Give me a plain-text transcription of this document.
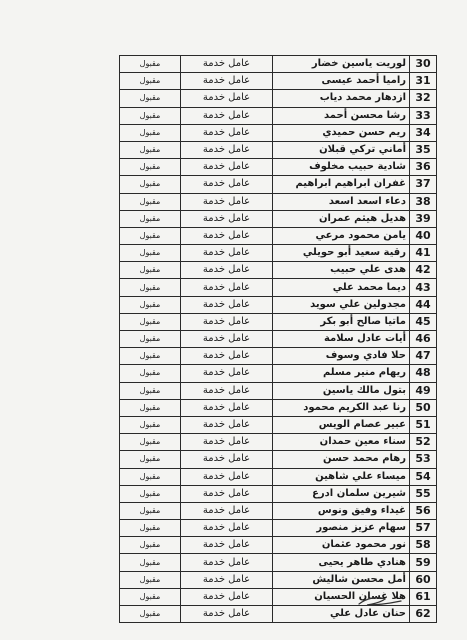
30	لوريت ياسين خضار	عامل خدمة	مقبول
31	راميا أحمد عيسى	عامل خدمة	مقبول
32	ازدهار محمد دياب	عامل خدمة	مقبول
33	رشا محسن أحمد	عامل خدمة	مقبول
34	ريم حسن حميدي	عامل خدمة	مقبول
35	أماني تركي قبلان	عامل خدمة	مقبول
36	شادية حبيب مخلوف	عامل خدمة	مقبول
37	غفران ابراهيم ابراهيم	عامل خدمة	مقبول
38	دعاء اسعد اسعد	عامل خدمة	مقبول
39	هديل هيثم عمران	عامل خدمة	مقبول
40	يامن محمود مرعي	عامل خدمة	مقبول
41	رقية سعيد أبو حويلي	عامل خدمة	مقبول
42	هدى علي حبيب	عامل خدمة	مقبول
43	ديما محمد علي	عامل خدمة	مقبول
44	مجدولين علي سويد	عامل خدمة	مقبول
45	ماتيا صالح أبو بكر	عامل خدمة	مقبول
46	أيات عادل سلامة	عامل خدمة	مقبول
47	حلا فادي وسوف	عامل خدمة	مقبول
48	ريهام منير مسلم	عامل خدمة	مقبول
49	بتول مالك ياسين	عامل خدمة	مقبول
50	رنا عبد الكريم محمود	عامل خدمة	مقبول
51	عبير عصام الويس	عامل خدمة	مقبول
52	سناء معين حمدان	عامل خدمة	مقبول
53	رهام محمد حسن	عامل خدمة	مقبول
54	ميساء علي شاهين	عامل خدمة	مقبول
55	شيرين سلمان ادرع	عامل خدمة	مقبول
56	غيداء وفيق ونوس	عامل خدمة	مقبول
57	سهام عزيز منصور	عامل خدمة	مقبول
58	نور محمود عثمان	عامل خدمة	مقبول
59	هنادي طاهر يحيى	عامل خدمة	مقبول
60	أمل محسن شاليش	عامل خدمة	مقبول
61	هلا غسان الحسيان	عامل خدمة	مقبول
62	حنان عادل علي	عامل خدمة	مقبول
